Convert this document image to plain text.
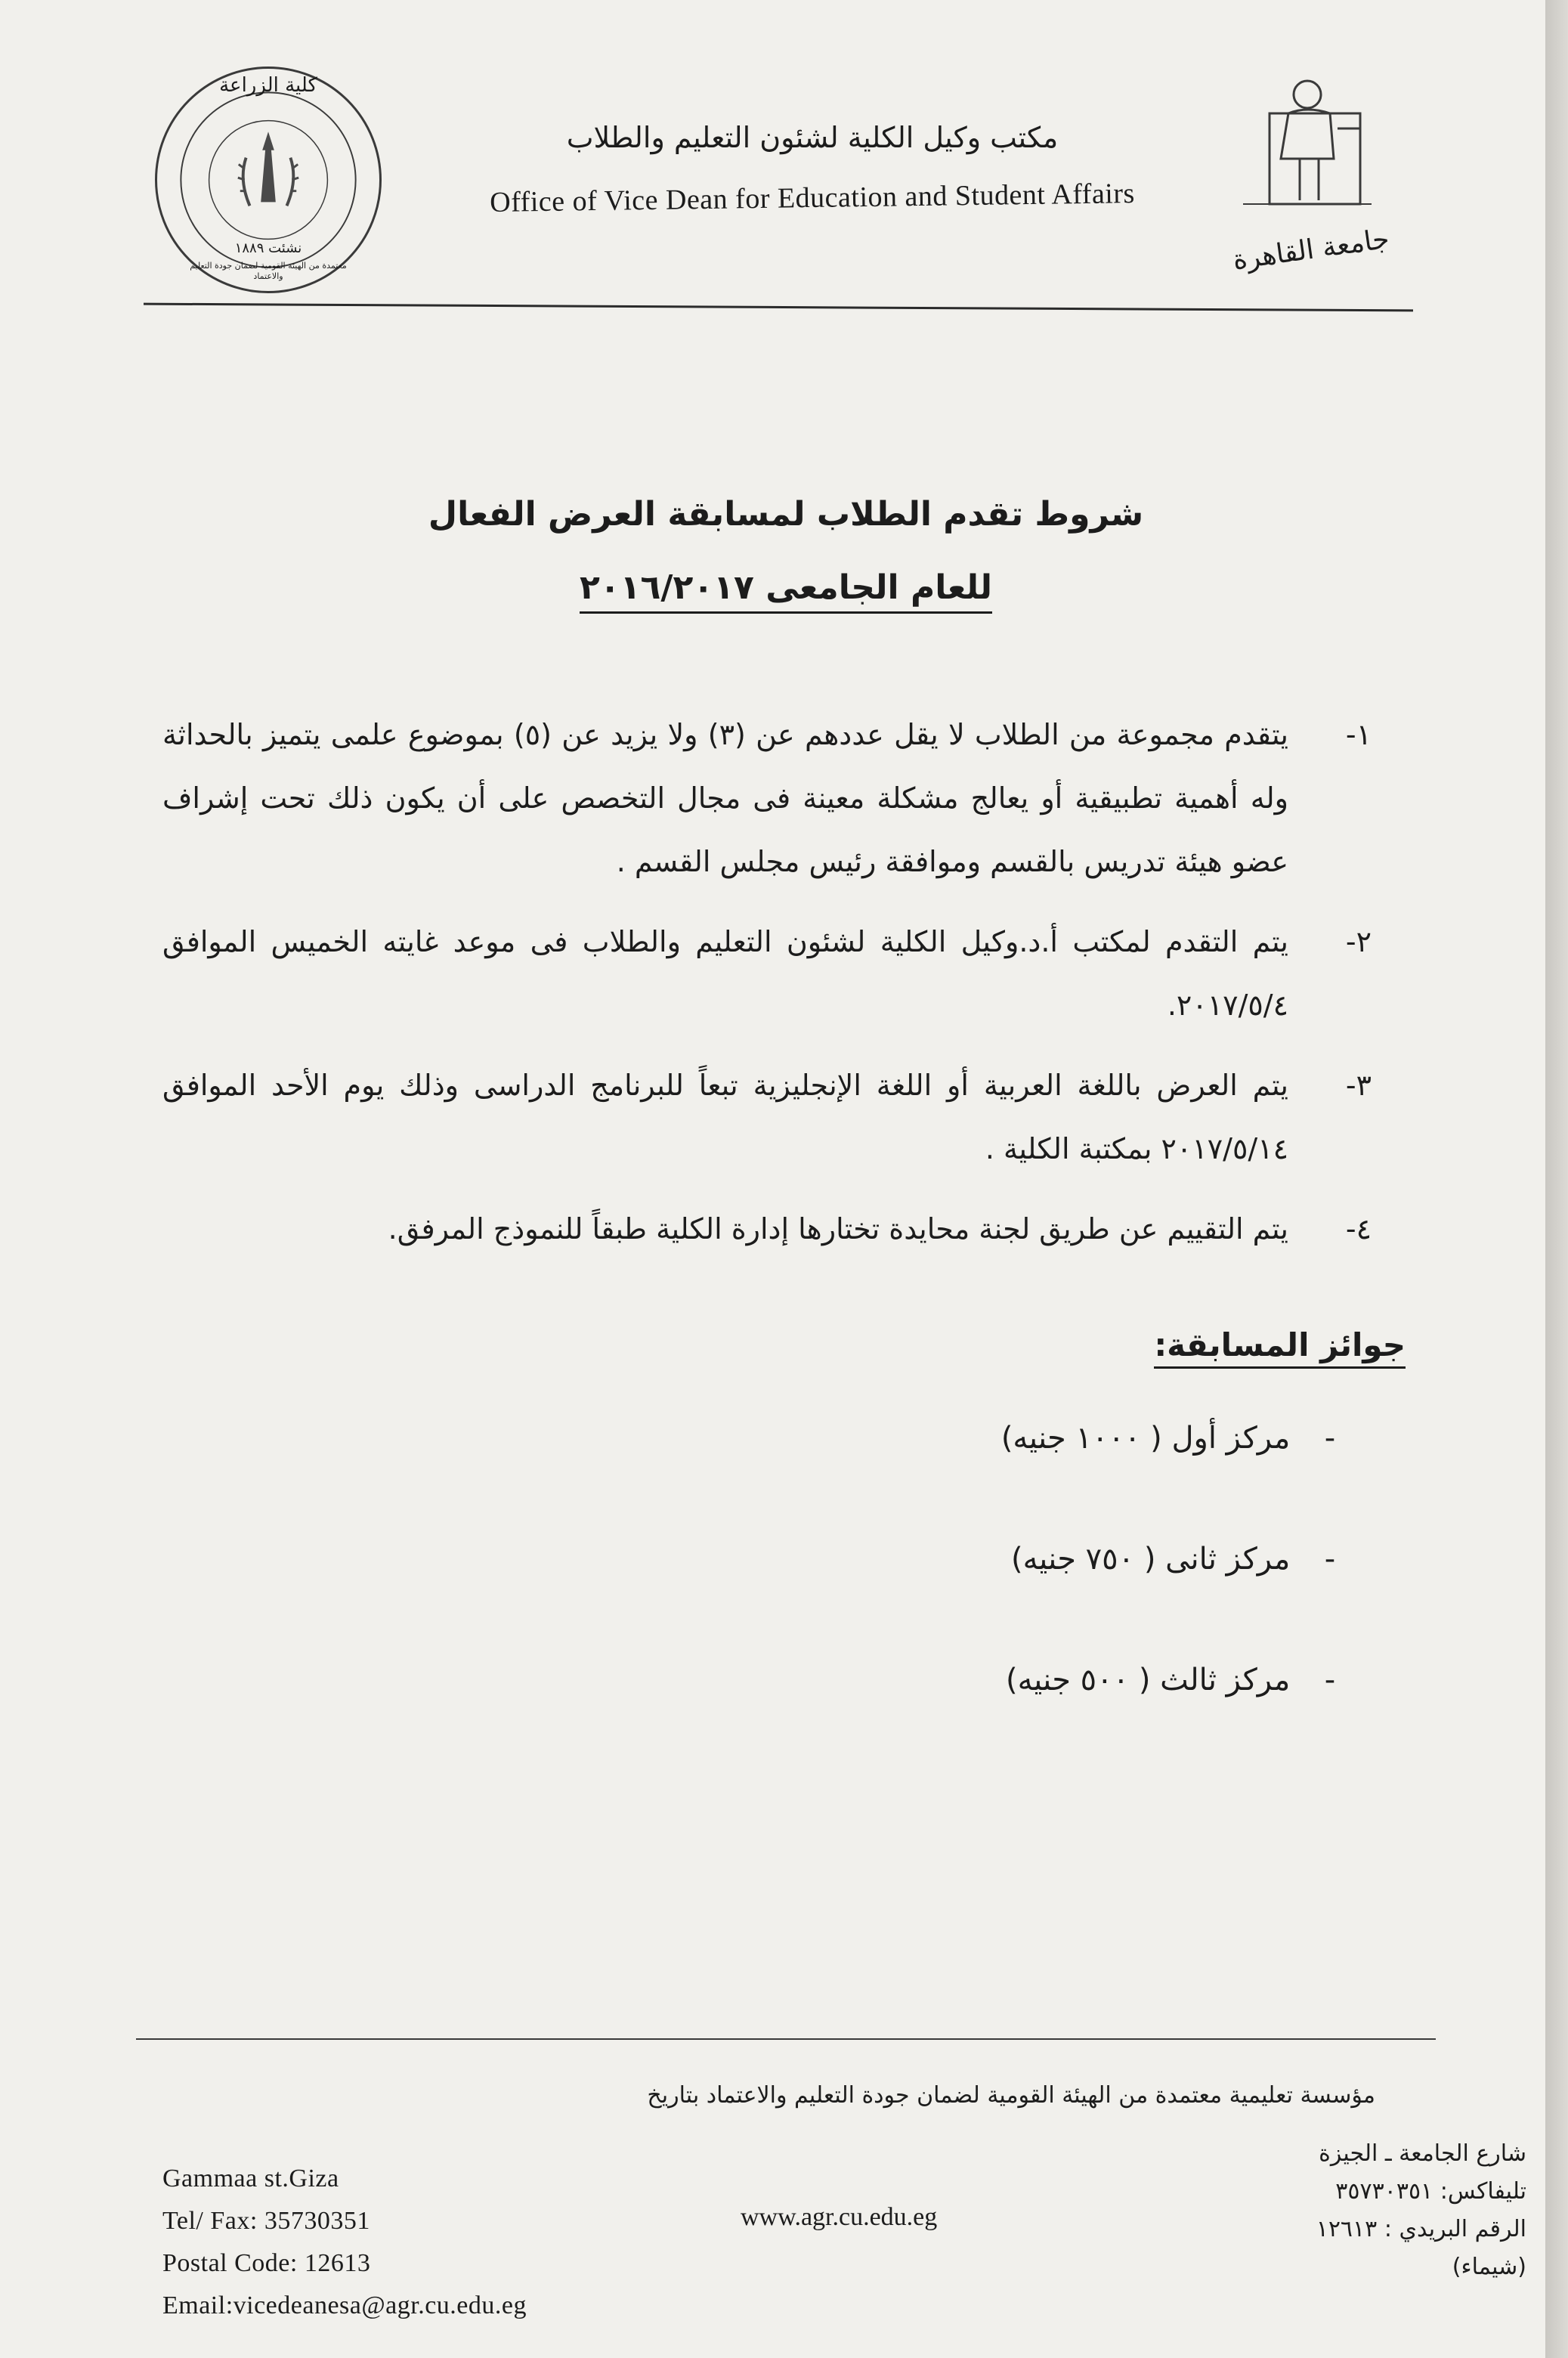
كلية الزراعة
نشئت ١٨٨٩
معتمدة من الهيئة القومية لضمان جودة التعليم والاعتماد
مكتب وكيل الكلية لشئون التعليم والطلاب
Office of Vice Dean for Education and Student Affairs
جامعة القاهرة
شروط تقدم الطلاب لمسابقة العرض الفعال
للعام الجامعى ٢٠١٦/٢٠١٧
١-
يتقدم مجموعة من الطلاب لا يقل عددهم عن (٣) ولا يزيد عن (٥) بموضوع علمى يتميز بالحداثة وله أهمية تطبيقية أو يعالج مشكلة معينة فى مجال التخصص على أن يكون ذلك تحت إشراف عضو هيئة تدريس بالقسم وموافقة رئيس مجلس القسم .
٢-
يتم التقدم لمكتب أ.د.وكيل الكلية لشئون التعليم والطلاب فى موعد غايته الخميس الموافق ٢٠١٧/٥/٤.
٣-
يتم العرض باللغة العربية أو اللغة الإنجليزية تبعاً للبرنامج الدراسى وذلك يوم الأحد الموافق ٢٠١٧/٥/١٤ بمكتبة الكلية .
٤-
يتم التقييم عن طريق لجنة محايدة تختارها إدارة الكلية طبقاً للنموذج المرفق.
جوائز المسابقة:
- مركز أول ( ١٠٠٠ جنيه)
- مركز ثانى ( ٧٥٠ جنيه)
- مركز ثالث ( ٥٠٠ جنيه)
مؤسسة تعليمية معتمدة من الهيئة القومية لضمان جودة التعليم والاعتماد بتاريخ
Gammaa st.Giza
Tel/ Fax: 35730351
Postal Code: 12613
Email:vicedeanesa@agr.cu.edu.eg
www.agr.cu.edu.eg
شارع الجامعة ـ الجيزة
تليفاكس: ٣٥٧٣٠٣٥١
الرقم البريدي : ١٢٦١٣
(شيماء)
